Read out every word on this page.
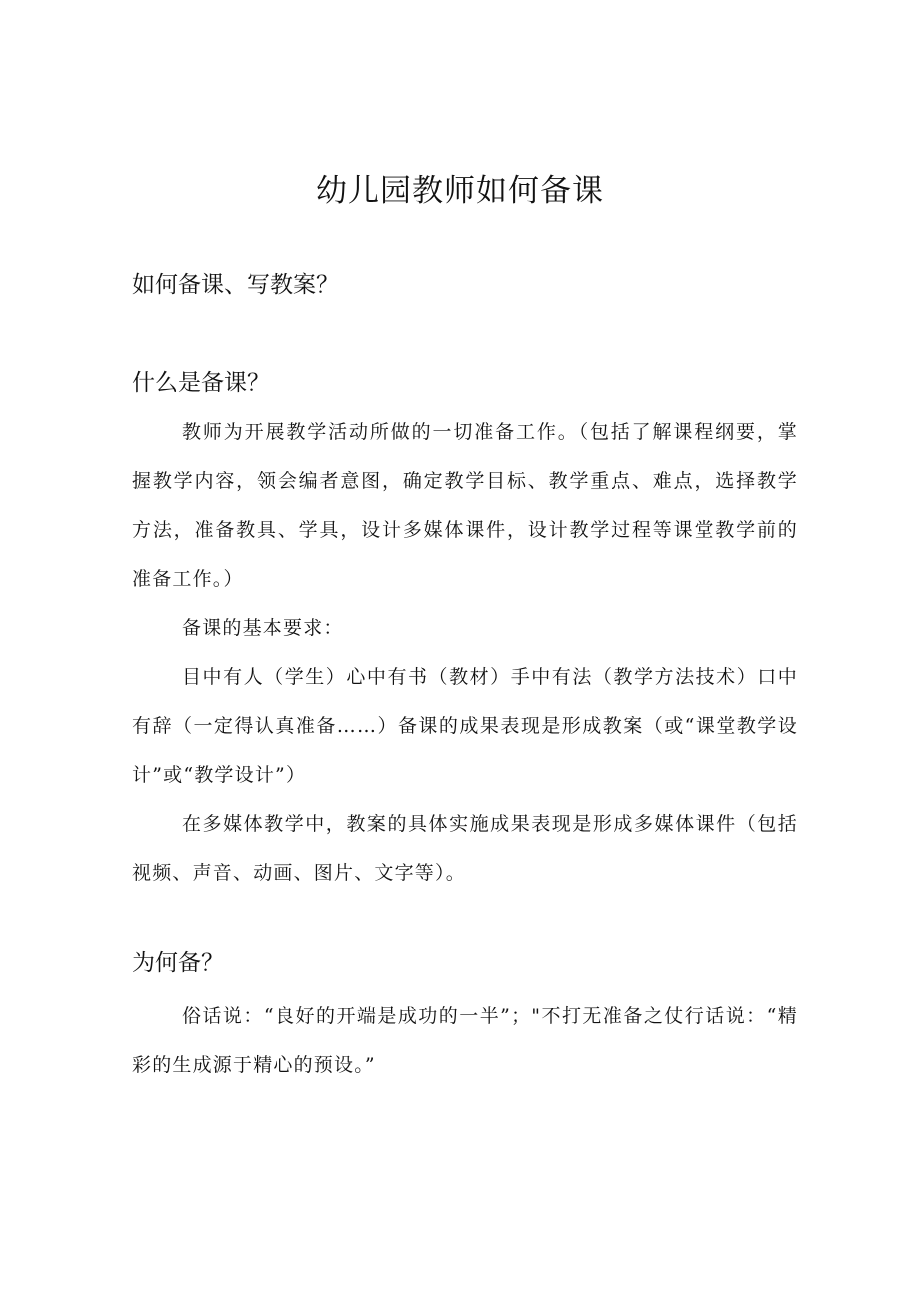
幼儿园教师如何备课
如何备课、写教案？
什么是备课？

教师为开展教学活动所做的一切准备工作。（包括了解课程纲要，掌握教学内容，领会编者意图，确定教学目标、教学重点、难点，选择教学方法，准备教具、学具，设计多媒体课件，设计教学过程等课堂教学前的准备工作。）

备课的基本要求：

目中有人（学生）心中有书（教材）手中有法（教学方法技术）口中有辞（一定得认真准备……）备课的成果表现是形成教案（或“课堂教学设计”或“教学设计”）

在多媒体教学中，教案的具体实施成果表现是形成多媒体课件（包括视频、声音、动画、图片、文字等）。

为何备？

俗话说：“良好的开端是成功的一半”；"不打无准备之仗行话说：“精彩的生成源于精心的预设。”
